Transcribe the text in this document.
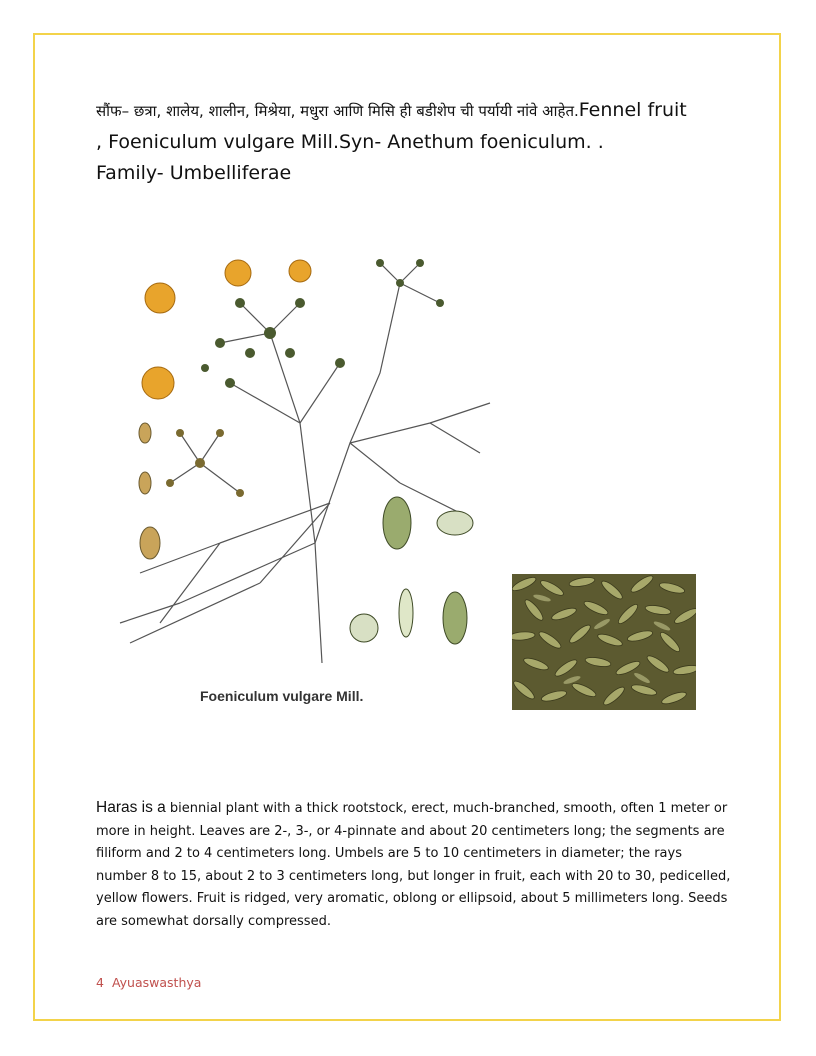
सौंफ– छत्रा, शालेय, शालीन, मिश्रेया, मधुरा आणि मिसि ही बडीशेप ची पर्यायी नांवे आहेत.Fennel fruit
, Foeniculum vulgare Mill.Syn- Anethum foeniculum. .
Family- Umbelliferae
Foeniculum vulgare Mill.
Haras is a biennial plant with a thick rootstock, erect, much-branched, smooth, often 1 meter or more in height. Leaves are 2-, 3-, or 4-pinnate and about 20 centimeters long; the segments are filiform and 2 to 4 centimeters long. Umbels are 5 to 10 centimeters in diameter; the rays number 8 to 15, about 2 to 3 centimeters long, but longer in fruit, each with 20 to 30, pedicelled, yellow flowers. Fruit is ridged, very aromatic, oblong or ellipsoid, about 5 millimeters long. Seeds are somewhat dorsally compressed.
4 Ayuaswasthya
